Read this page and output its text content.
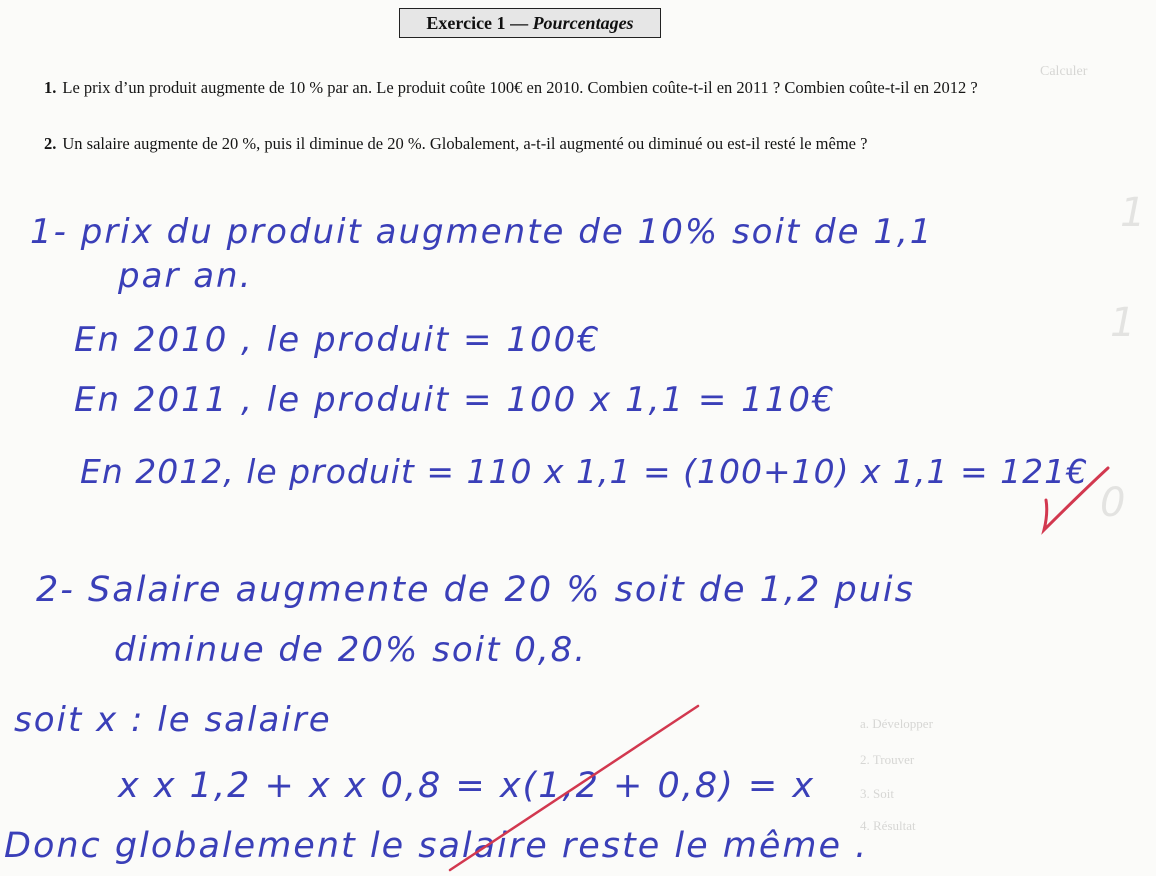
Calculer
1
1
0
a. Développer
2. Trouver
3. Soit
4. Résultat
Exercice 1 — Pourcentages
1. Le prix d’un produit augmente de 10 % par an. Le produit coûte 100€ en 2010. Combien coûte-t-il en 2011 ? Combien coûte-t-il en 2012 ?
2. Un salaire augmente de 20 %, puis il diminue de 20 %. Globalement, a-t-il augmenté ou diminué ou est-il resté le même ?
1- prix du produit augmente de 10% soit de 1,1
par an.
En 2010 , le produit = 100€
En 2011 , le produit = 100 x 1,1 = 110€
En 2012, le produit = 110 x 1,1 = (100+10) x 1,1 = 121€
2- Salaire augmente de 20 % soit de 1,2 puis
diminue de 20% soit 0,8.
soit x : le salaire
x x 1,2 + x x 0,8 = x(1,2 + 0,8) = x
Donc globalement le salaire reste le même .
